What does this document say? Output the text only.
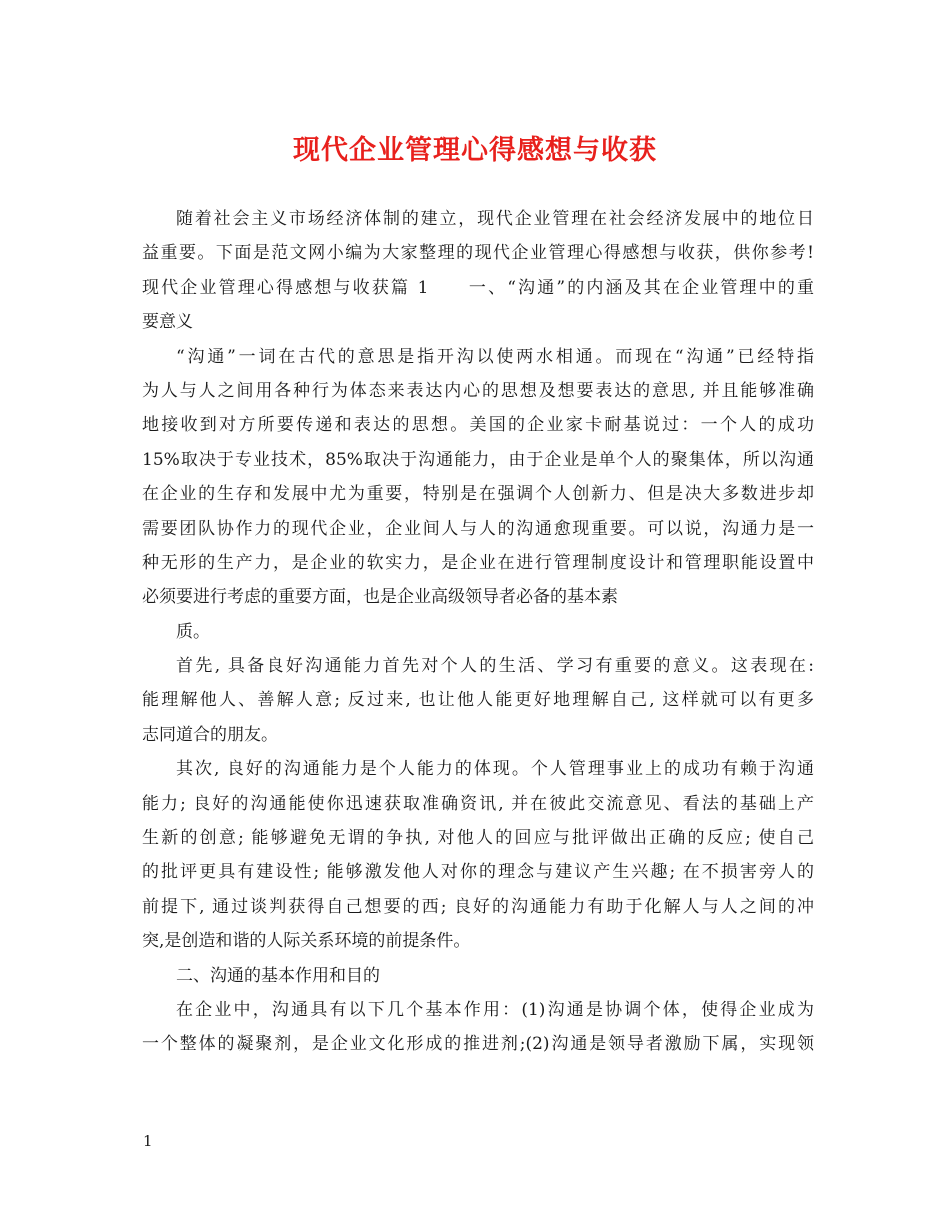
现代企业管理心得感想与收获
随着社会主义市场经济体制的建立，现代企业管理在社会经济发展中的地位日
益重要。下面是范文网小编为大家整理的现代企业管理心得感想与收获，供你参考!
现代企业管理心得感想与收获篇 1　　一、“沟通”的内涵及其在企业管理中的重
要意义
“沟通”一词在古代的意思是指开沟以使两水相通。而现在“沟通”已经特指
为人与人之间用各种行为体态来表达内心的思想及想要表达的意思, 并且能够准确
地接收到对方所要传递和表达的思想。美国的企业家卡耐基说过：一个人的成功
15%取决于专业技术，85%取决于沟通能力，由于企业是单个人的聚集体，所以沟通
在企业的生存和发展中尤为重要，特别是在强调个人创新力、但是决大多数进步却
需要团队协作力的现代企业，企业间人与人的沟通愈现重要。可以说，沟通力是一
种无形的生产力，是企业的软实力，是企业在进行管理制度设计和管理职能设置中
必须要进行考虑的重要方面，也是企业高级领导者必备的基本素
质。
首先, 具备良好沟通能力首先对个人的生活、学习有重要的意义。这表现在:
能理解他人、善解人意; 反过来, 也让他人能更好地理解自己, 这样就可以有更多
志同道合的朋友。
其次, 良好的沟通能力是个人能力的体现。个人管理事业上的成功有赖于沟通
能力; 良好的沟通能使你迅速获取准确资讯, 并在彼此交流意见、看法的基础上产
生新的创意; 能够避免无谓的争执, 对他人的回应与批评做出正确的反应; 使自己
的批评更具有建设性; 能够激发他人对你的理念与建议产生兴趣; 在不损害旁人的
前提下, 通过谈判获得自己想要的西; 良好的沟通能力有助于化解人与人之间的冲
突,是创造和谐的人际关系环境的前提条件。
二、沟通的基本作用和目的
在企业中，沟通具有以下几个基本作用：(1)沟通是协调个体，使得企业成为
一个整体的凝聚剂，是企业文化形成的推进剂;(2)沟通是领导者激励下属，实现领
1
